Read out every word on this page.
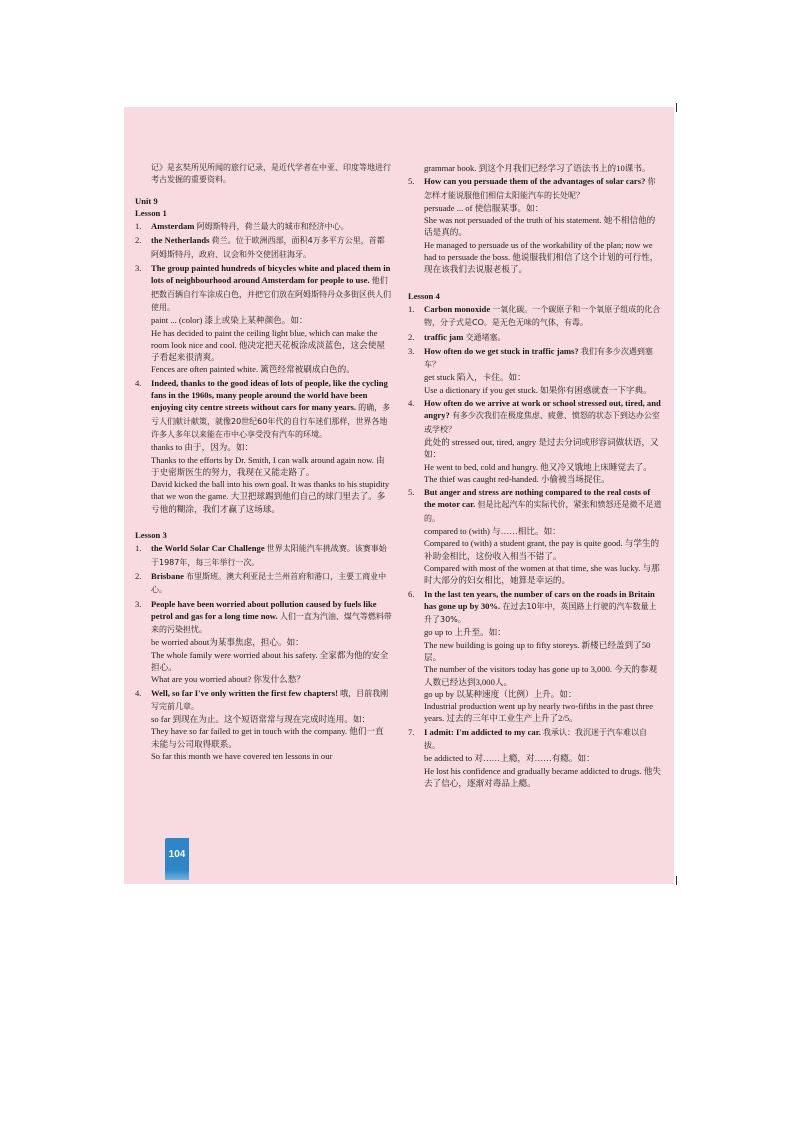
记》是玄奘所见所闻的旅行记录，是近代学者在中亚、印度等地进行考古发掘的重要资料。

Unit 9

Lesson 1

1. Amsterdam 阿姆斯特丹，荷兰最大的城市和经济中心。
2. the Netherlands 荷兰。位于欧洲西部，面积4万多平方公里，首都阿姆斯特丹，政府、议会和外交使团驻海牙。
3. The group painted hundreds of bicycles white and placed them in lots of neighbourhood around Amsterdam for people to use. 他们把数百辆自行车涂成白色，并把它们放在阿姆斯特丹众多街区供人们使用。

paint ... (color) 漆上或染上某种颜色。如：

He has decided to paint the ceiling light blue, which can make the room look nice and cool. 他决定把天花板涂成淡蓝色，这会使屋子看起来很清爽。

Fences are often painted white. 篱笆经常被刷成白色的。

4. Indeed, thanks to the good ideas of lots of people, like the cycling fans in the 1960s, many people around the world have been enjoying city centre streets without cars for many years. 的确，多亏人们献计献策，就像20世纪60年代的自行车迷们那样，世界各地许多人多年以来能在市中心享受没有汽车的环境。

thanks to 由于，因为。如：

Thanks to the efforts by Dr. Smith, I can walk around again now. 由于史密斯医生的努力，我现在又能走路了。

David kicked the ball into his own goal. It was thanks to his stupidity that we won the game. 大卫把球踢到他们自己的球门里去了。多亏他的糊涂，我们才赢了这场球。

Lesson 3

1. the World Solar Car Challenge 世界太阳能汽车挑战赛。该赛事始于1987年，每三年举行一次。
2. Brisbane 布里斯班。澳大利亚昆士兰州首府和港口，主要工商业中心。
3. People have been worried about pollution caused by fuels like petrol and gas for a long time now. 人们一直为汽油、煤气等燃料带来的污染担忧。

be worried about为某事焦虑，担心。如：

The whole family were worried about his safety. 全家都为他的安全担心。

What are you worried about? 你发什么愁？

4. Well, so far I've only written the first few chapters! 哦，目前我刚写完前几章。

so far 到现在为止。这个短语常常与现在完成时连用。如：

They have so far failed to get in touch with the company. 他们一直未能与公司取得联系。

So far this month we have covered ten lessons in our

grammar book. 到这个月我们已经学习了语法书上的10课书。

5. How can you persuade them of the advantages of solar cars? 你怎样才能说服他们相信太阳能汽车的长处呢？

persuade ... of 使信服某事。如：

She was not persuaded of the truth of his statement. 她不相信他的话是真的。

He managed to persuade us of the workability of the plan; now we had to persuade the boss. 他说服我们相信了这个计划的可行性，现在该我们去说服老板了。

Lesson 4

1. Carbon monoxide 一氧化碳。一个碳原子和一个氧原子组成的化合物，分子式是CO。是无色无味的气体，有毒。
2. traffic jam 交通堵塞。
3. How often do we get stuck in traffic jams? 我们有多少次遇到塞车？

get stuck 陷入，卡住。如：

Use a dictionary if you get stuck. 如果你有困惑就查一下字典。

4. How often do we arrive at work or school stressed out, tired, and angry? 有多少次我们在极度焦虑、疲惫、愤怒的状态下到达办公室或学校？

此处的 stressed out, tired, angry 是过去分词或形容词做状语，又如：

He went to bed, cold and hungry. 他又冷又饿地上床睡觉去了。

The thief was caught red-handed. 小偷被当场捉住。

5. But anger and stress are nothing compared to the real costs of the motor car. 但是比起汽车的实际代价，紧张和愤怒还是微不足道的。

compared to (with) 与……相比。如：

Compared to (with) a student grant, the pay is quite good. 与学生的补助金相比，这份收入相当不错了。

Compared with most of the women at that time, she was lucky. 与那时大部分的妇女相比，她算是幸运的。

6. In the last ten years, the number of cars on the roads in Britain has gone up by 30%. 在过去10年中，英国路上行驶的汽车数量上升了30%。

go up to 上升至。如：

The new building is going up to fifty storeys. 新楼已经盖到了50层。

The number of the visitors today has gone up to 3,000. 今天的参观人数已经达到3,000人。

go up by 以某种速度（比例）上升。如：

Industrial production went up by nearly two-fifths in the past three years. 过去的三年中工业生产上升了2/5。

7. I admit: I'm addicted to my car. 我承认：我沉迷于汽车难以自拔。

be addicted to 对……上瘾，对……有瘾。如：

He lost his confidence and gradually became addicted to drugs. 他失去了信心，逐渐对毒品上瘾。

104
